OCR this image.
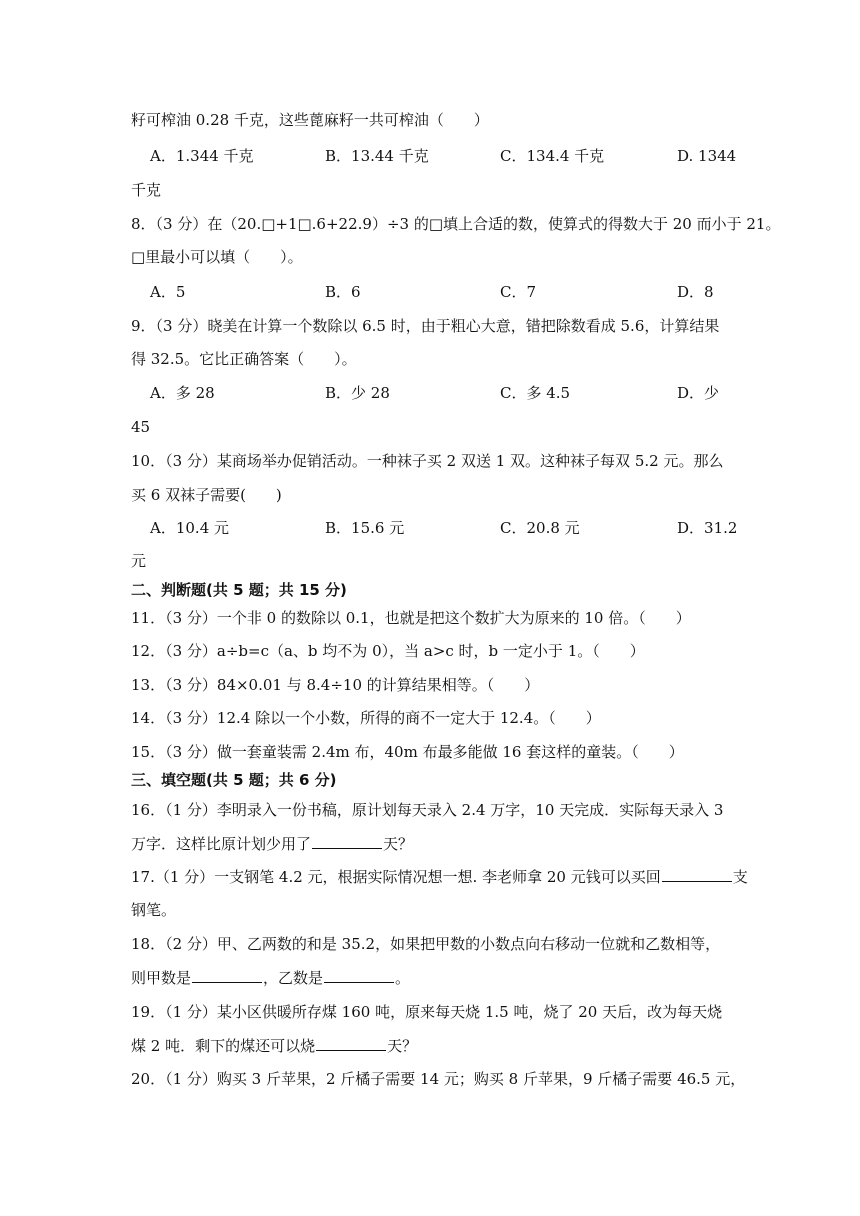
籽可榨油 0.28 千克，这些蓖麻籽一共可榨油（　　）
A．1.344 千克	B．13.44 千克	C．134.4 千克	D. 1344
千克
8．（3 分）在（20.□+1□.6+22.9）÷3 的□填上合适的数，使算式的得数大于 20 而小于 21。
□里最小可以填（　　）。
A．5	B．6	C．7	D．8
9．（3 分）晓美在计算一个数除以 6.5 时，由于粗心大意，错把除数看成 5.6，计算结果
得 32.5。它比正确答案（　　）。
A．多 28	B．少 28	C．多 4.5	D．少
45
10．（3 分）某商场举办促销活动。一种袜子买 2 双送 1 双。这种袜子每双 5.2 元。那么
买 6 双袜子需要(　　)
A．10.4 元	B．15.6 元	C．20.8 元	D．31.2
元
二、判断题(共 5 题；共 15 分)
11．（3 分）一个非 0 的数除以 0.1，也就是把这个数扩大为原来的 10 倍。（　　）
12．（3 分）a÷b=c（a、b 均不为 0），当 a>c 时，b 一定小于 1。（　　）
13．（3 分）84×0.01 与 8.4÷10 的计算结果相等。（　　）
14．（3 分）12.4 除以一个小数，所得的商不一定大于 12.4。（　　）
15．（3 分）做一套童装需 2.4m 布，40m 布最多能做 16 套这样的童装。（　　）
三、填空题(共 5 题；共 6 分)
16．（1 分）李明录入一份书稿，原计划每天录入 2.4 万字，10 天完成．实际每天录入 3
万字．这样比原计划少用了	天？
17.（1 分）一支钢笔 4.2 元，根据实际情况想一想. 李老师拿 20 元钱可以买回	支
钢笔。
18．（2 分）甲、乙两数的和是 35.2，如果把甲数的小数点向右移动一位就和乙数相等，
则甲数是	，乙数是	。
19．（1 分）某小区供暖所存煤 160 吨，原来每天烧 1.5 吨，烧了 20 天后，改为每天烧
煤 2 吨．剩下的煤还可以烧	天？
20．（1 分）购买 3 斤苹果，2 斤橘子需要 14 元；购买 8 斤苹果，9 斤橘子需要 46.5 元，
